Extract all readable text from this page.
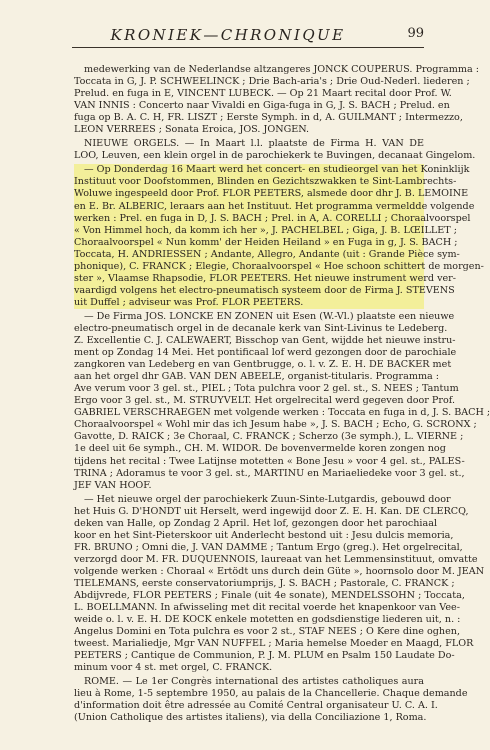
KRONIEK—CHRONIQUE	99
medewerking van de Nederlandse altzangeres JONCK COUPERUS. Programma :
Toccata in G, J. P. SCHWEELINCK ; Drie Bach-aria's ; Drie Oud-Nederl. liederen ;
Prelud. en fuga in E, VINCENT LUBECK. — Op 21 Maart recital door Prof. W.
VAN INNIS : Concerto naar Vivaldi en Giga-fuga in G, J. S. BACH ; Prelud. en
fuga op B. A. C. H, FR. LISZT ; Eerste Symph. in d, A. GUILMANT ; Intermezzo,
LEON VERREES ; Sonata Eroica, JOS. JONGEN.
NIEUWE ORGELS. — In Maart l.l. plaatste de Firma H. VAN DE
LOO, Leuven, een klein orgel in de parochiekerk te Buvingen, decanaat Gingelom.
— Op Donderdag 16 Maart werd het concert- en studieorgel van het Koninklijk
Instituut voor Doofstommen, Blinden en Gezichtszwakken te Sint-Lambrechts-
Woluwe ingespeeld door Prof. FLOR PEETERS, alsmede door dhr J. B. LEMOINE
en E. Br. ALBERIC, leraars aan het Instituut. Het programma vermeldde volgende
werken : Prel. en fuga in D, J. S. BACH ; Prel. in A, A. CORELLI ; Choraalvoorspel
« Von Himmel hoch, da komm ich her », J. PACHELBEL ; Giga, J. B. LŒILLET ;
Choraalvoorspel « Nun komm' der Heiden Heiland » en Fuga in g, J. S. BACH ;
Toccata, H. ANDRIESSEN ; Andante, Allegro, Andante (uit : Grande Pièce sym-
phonique), C. FRANCK ; Elegie, Choraalvoorspel « Hoe schoon schittert de morgen-
ster », Vlaamse Rhapsodie, FLOR PEETERS. Het nieuwe instrument werd ver-
vaardigd volgens het electro-pneumatisch systeem door de Firma J. STEVENS
uit Duffel ; adviseur was Prof. FLOR PEETERS.
— De Firma JOS. LONCKE EN ZONEN uit Esen (W.-Vl.) plaatste een nieuwe
electro-pneumatisch orgel in de decanale kerk van Sint-Livinus te Ledeberg.
Z. Excellentie C. J. CALEWAERT, Bisschop van Gent, wijdde het nieuwe instru-
ment op Zondag 14 Mei. Het pontificaal lof werd gezongen door de parochiale
zangkoren van Ledeberg en van Gentbrugge, o. l. v. Z. E. H. DE BACKER met
aan het orgel dhr GAB. VAN DEN ABEELE, organist-titularis. Programma :
Ave verum voor 3 gel. st., PIEL ; Tota pulchra voor 2 gel. st., S. NEES ; Tantum
Ergo voor 3 gel. st., M. STRUYVELT. Het orgelrecital werd gegeven door Prof.
GABRIEL VERSCHRAEGEN met volgende werken : Toccata en fuga in d, J. S. BACH ;
Choraalvoorspel « Wohl mir das ich Jesum habe », J. S. BACH ; Echo, G. SCRONX ;
Gavotte, D. RAICK ; 3e Choraal, C. FRANCK ; Scherzo (3e symph.), L. VIERNE ;
1e deel uit 6e symph., CH. M. WIDOR. De bovenvermelde koren zongen nog
tijdens het recital : Twee Latijnse motetten « Bone Jesu » voor 4 gel. st., PALES-
TRINA ; Adoramus te voor 3 gel. st., MARTINU en Mariaeliedeke voor 3 gel. st.,
JEF VAN HOOF.
— Het nieuwe orgel der parochiekerk Zuun-Sinte-Lutgardis, gebouwd door
het Huis G. D'HONDT uit Herselt, werd ingewijd door Z. E. H. Kan. DE CLERCQ,
deken van Halle, op Zondag 2 April. Het lof, gezongen door het parochiaal
koor en het Sint-Pieterskoor uit Anderlecht bestond uit : Jesu dulcis memoria,
FR. BRUNO ; Omni die, J. VAN DAMME ; Tantum Ergo (greg.). Het orgelrecital,
verzorgd door M. FR. DUQUENNOIS, laureaat van het Lemmensinstituut, omvatte
volgende werken : Choraal « Ertödt uns durch dein Güte », hoornsolo door M. JEAN
TIELEMANS, eerste conservatoriumprijs, J. S. BACH ; Pastorale, C. FRANCK ;
Abdijvrede, FLOR PEETERS ; Finale (uit 4e sonate), MENDELSSOHN ; Toccata,
L. BOELLMANN. In afwisseling met dit recital voerde het knapenkoor van Vee-
weide o. l. v. E. H. DE KOCK enkele motetten en godsdienstige liederen uit, n. :
Angelus Domini en Tota pulchra es voor 2 st., STAF NEES ; O Kere dine oghen,
tweest. Marialiedje, Mgr VAN NUFFEL ; Maria hemelse Moeder en Maagd, FLOR
PEETERS ; Cantique de Communion, P. J. M. PLUM en Psalm 150 Laudate Do-
minum voor 4 st. met orgel, C. FRANCK.
ROME. — Le 1er Congrès international des artistes catholiques aura
lieu à Rome, 1-5 septembre 1950, au palais de la Chancellerie. Chaque demande
d'information doit être adressée au Comité Central organisateur U. C. A. I.
(Union Catholique des artistes italiens), via della Conciliazione 1, Roma.
